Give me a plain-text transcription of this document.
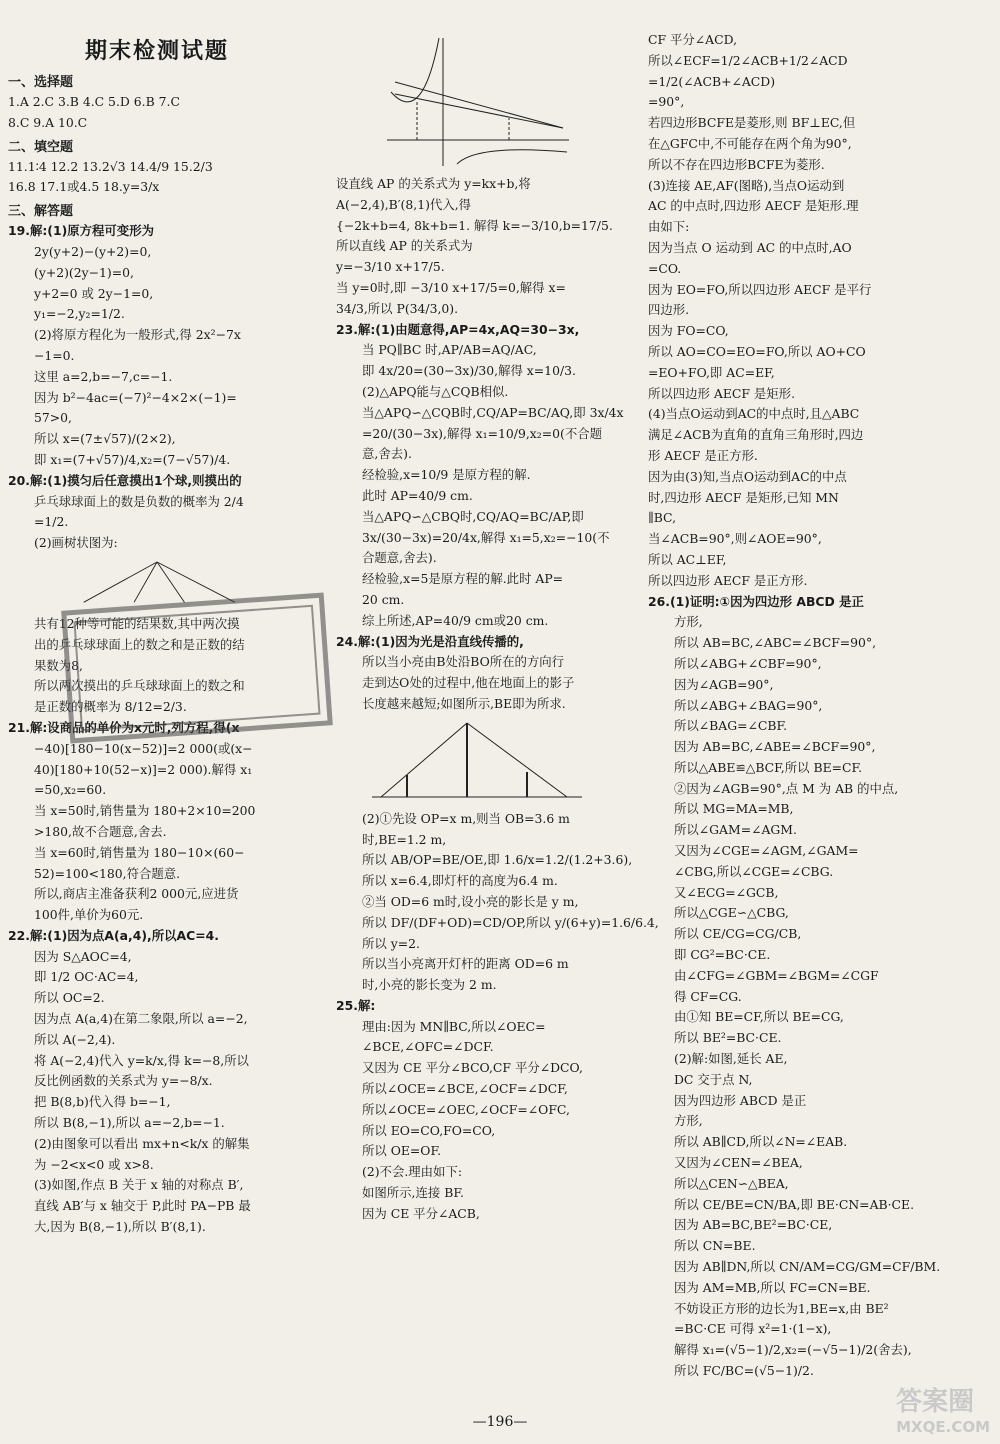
期末检测试题
一、选择题
1.A 2.C 3.B 4.C 5.D 6.B 7.C
8.C 9.A 10.C
二、填空题
11.1∶4 12.2 13.2√3 14.4/9 15.2/3
16.8 17.1或4.5 18.y=3/x
三、解答题
19.解:(1)原方程可变形为
2y(y+2)−(y+2)=0,
(y+2)(2y−1)=0,
y+2=0 或 2y−1=0,
y₁=−2,y₂=1/2.
(2)将原方程化为一般形式,得 2x²−7x
−1=0.
这里 a=2,b=−7,c=−1.
因为 b²−4ac=(−7)²−4×2×(−1)=
57>0,
所以 x=(7±√57)/(2×2),
即 x₁=(7+√57)/4,x₂=(7−√57)/4.
20.解:(1)摸匀后任意摸出1个球,则摸出的
乒乓球球面上的数是负数的概率为 2/4
=1/2.
(2)画树状图为:
共有12种等可能的结果数,其中两次摸
出的乒乓球球面上的数之和是正数的结
果数为8,
所以两次摸出的乒乓球球面上的数之和
是正数的概率为 8/12=2/3.
21.解:设商品的单价为x元时,列方程,得(x
−40)[180−10(x−52)]=2 000(或(x−
40)[180+10(52−x)]=2 000).解得 x₁
=50,x₂=60.
当 x=50时,销售量为 180+2×10=200
>180,故不合题意,舍去.
当 x=60时,销售量为 180−10×(60−
52)=100<180,符合题意.
所以,商店主准备获利2 000元,应进货
100件,单价为60元.
22.解:(1)因为点A(a,4),所以AC=4.
因为 S△AOC=4,
即 1/2 OC·AC=4,
所以 OC=2.
因为点 A(a,4)在第二象限,所以 a=−2,
所以 A(−2,4).
将 A(−2,4)代入 y=k/x,得 k=−8,所以
反比例函数的关系式为 y=−8/x.
把 B(8,b)代入得 b=−1,
所以 B(8,−1),所以 a=−2,b=−1.
(2)由图象可以看出 mx+n<k/x 的解集
为 −2<x<0 或 x>8.
(3)如图,作点 B 关于 x 轴的对称点 B′,
直线 AB′与 x 轴交于 P,此时 PA−PB 最
大,因为 B(8,−1),所以 B′(8,1).
设直线 AP 的关系式为 y=kx+b,将
A(−2,4),B′(8,1)代入,得
{−2k+b=4, 8k+b=1. 解得 k=−3/10,b=17/5.
所以直线 AP 的关系式为
y=−3/10 x+17/5.
当 y=0时,即 −3/10 x+17/5=0,解得 x=
34/3,所以 P(34/3,0).
23.解:(1)由题意得,AP=4x,AQ=30−3x,
当 PQ∥BC 时,AP/AB=AQ/AC,
即 4x/20=(30−3x)/30,解得 x=10/3.
(2)△APQ能与△CQB相似.
当△APQ∽△CQB时,CQ/AP=BC/AQ,即 3x/4x
=20/(30−3x),解得 x₁=10/9,x₂=0(不合题
意,舍去).
经检验,x=10/9 是原方程的解.
此时 AP=40/9 cm.
当△APQ∽△CBQ时,CQ/AQ=BC/AP,即
3x/(30−3x)=20/4x,解得 x₁=5,x₂=−10(不
合题意,舍去).
经检验,x=5是原方程的解.此时 AP=
20 cm.
综上所述,AP=40/9 cm或20 cm.
24.解:(1)因为光是沿直线传播的,
所以当小亮由B处沿BO所在的方向行
走到达O处的过程中,他在地面上的影子
长度越来越短;如图所示,BE即为所求.
(2)①先设 OP=x m,则当 OB=3.6 m
时,BE=1.2 m,
所以 AB/OP=BE/OE,即 1.6/x=1.2/(1.2+3.6),
所以 x=6.4,即灯杆的高度为6.4 m.
②当 OD=6 m时,设小亮的影长是 y m,
所以 DF/(DF+OD)=CD/OP,所以 y/(6+y)=1.6/6.4,
所以 y=2.
所以当小亮离开灯杆的距离 OD=6 m
时,小亮的影长变为 2 m.
25.解:
理由:因为 MN∥BC,所以∠OEC=
∠BCE,∠OFC=∠DCF.
又因为 CE 平分∠BCO,CF 平分∠DCO,
所以∠OCE=∠BCE,∠OCF=∠DCF,
所以∠OCE=∠OEC,∠OCF=∠OFC,
所以 EO=CO,FO=CO,
所以 OE=OF.
(2)不会.理由如下:
如图所示,连接 BF.
因为 CE 平分∠ACB,
CF 平分∠ACD,
所以∠ECF=1/2∠ACB+1/2∠ACD
=1/2(∠ACB+∠ACD)
=90°,
若四边形BCFE是菱形,则 BF⊥EC,但
在△GFC中,不可能存在两个角为90°,
所以不存在四边形BCFE为菱形.
(3)连接 AE,AF(图略),当点O运动到
AC 的中点时,四边形 AECF 是矩形.理
由如下:
因为当点 O 运动到 AC 的中点时,AO
=CO.
因为 EO=FO,所以四边形 AECF 是平行
四边形.
因为 FO=CO,
所以 AO=CO=EO=FO,所以 AO+CO
=EO+FO,即 AC=EF,
所以四边形 AECF 是矩形.
(4)当点O运动到AC的中点时,且△ABC
满足∠ACB为直角的直角三角形时,四边
形 AECF 是正方形.
因为由(3)知,当点O运动到AC的中点
时,四边形 AECF 是矩形,已知 MN
∥BC,
当∠ACB=90°,则∠AOE=90°,
所以 AC⊥EF,
所以四边形 AECF 是正方形.
26.(1)证明:①因为四边形 ABCD 是正
方形,
所以 AB=BC,∠ABC=∠BCF=90°,
所以∠ABG+∠CBF=90°,
因为∠AGB=90°,
所以∠ABG+∠BAG=90°,
所以∠BAG=∠CBF.
因为 AB=BC,∠ABE=∠BCF=90°,
所以△ABE≌△BCF,所以 BE=CF.
②因为∠AGB=90°,点 M 为 AB 的中点,
所以 MG=MA=MB,
所以∠GAM=∠AGM.
又因为∠CGE=∠AGM,∠GAM=
∠CBG,所以∠CGE=∠CBG.
又∠ECG=∠GCB,
所以△CGE∽△CBG,
所以 CE/CG=CG/CB,
即 CG²=BC·CE.
由∠CFG=∠GBM=∠BGM=∠CGF
得 CF=CG.
由①知 BE=CF,所以 BE=CG,
所以 BE²=BC·CE.
(2)解:如图,延长 AE,
DC 交于点 N,
因为四边形 ABCD 是正
方形,
所以 AB∥CD,所以∠N=∠EAB.
又因为∠CEN=∠BEA,
所以△CEN∽△BEA,
所以 CE/BE=CN/BA,即 BE·CN=AB·CE.
因为 AB=BC,BE²=BC·CE,
所以 CN=BE.
因为 AB∥DN,所以 CN/AM=CG/GM=CF/BM.
因为 AM=MB,所以 FC=CN=BE.
不妨设正方形的边长为1,BE=x,由 BE²
=BC·CE 可得 x²=1·(1−x),
解得 x₁=(√5−1)/2,x₂=(−√5−1)/2(舍去),
所以 FC/BC=(√5−1)/2.
—196—
答案圈
MXQE.COM
